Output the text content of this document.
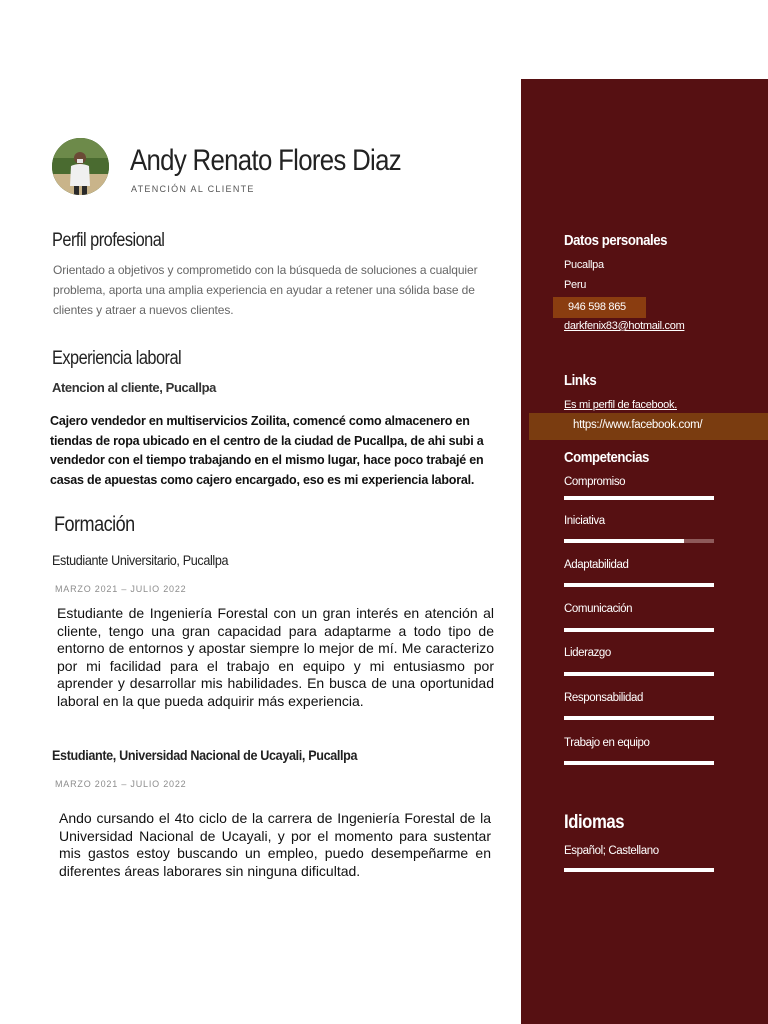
Andy Renato Flores Diaz
ATENCIÓN AL CLIENTE
Perfil profesional
Orientado a objetivos y comprometido con la búsqueda de soluciones a cualquier problema, aporta una amplia experiencia en ayudar a retener una sólida base de clientes y atraer a nuevos clientes.
Experiencia laboral
Atencion al cliente, Pucallpa
Cajero vendedor en multiservicios Zoilita, comencé como almacenero en tiendas de ropa ubicado en el centro de la ciudad de Pucallpa, de ahi subi a vendedor con el tiempo trabajando en el mismo lugar, hace poco trabajé en casas de apuestas como cajero encargado, eso es mi experiencia laboral.
Formación
Estudiante Universitario, Pucallpa
MARZO 2021 – JULIO 2022
Estudiante de Ingeniería Forestal con un gran interés en atención al cliente, tengo una gran capacidad para adaptarme a todo tipo de entorno de entornos y apostar siempre lo mejor de mí. Me caracterizo por mi facilidad para el trabajo en equipo y mi entusiasmo por aprender y desarrollar mis habilidades. En busca de una oportunidad laboral en la que pueda adquirir más experiencia.
Estudiante, Universidad Nacional de Ucayali, Pucallpa
MARZO 2021 – JULIO 2022
Ando cursando el 4to ciclo de la carrera de Ingeniería Forestal de la Universidad Nacional de Ucayali, y por el momento para sustentar mis gastos estoy buscando un empleo, puedo desempeñarme en diferentes áreas laborares sin ninguna dificultad.
Datos personales
Pucallpa
Peru
946 598 865
darkfenix83@hotmail.com
Links
Es mi perfil de facebook.
https://www.facebook.com/
Competencias
Compromiso
Iniciativa
Adaptabilidad
Comunicación
Liderazgo
Responsabilidad
Trabajo en equipo
Idiomas
Español; Castellano
